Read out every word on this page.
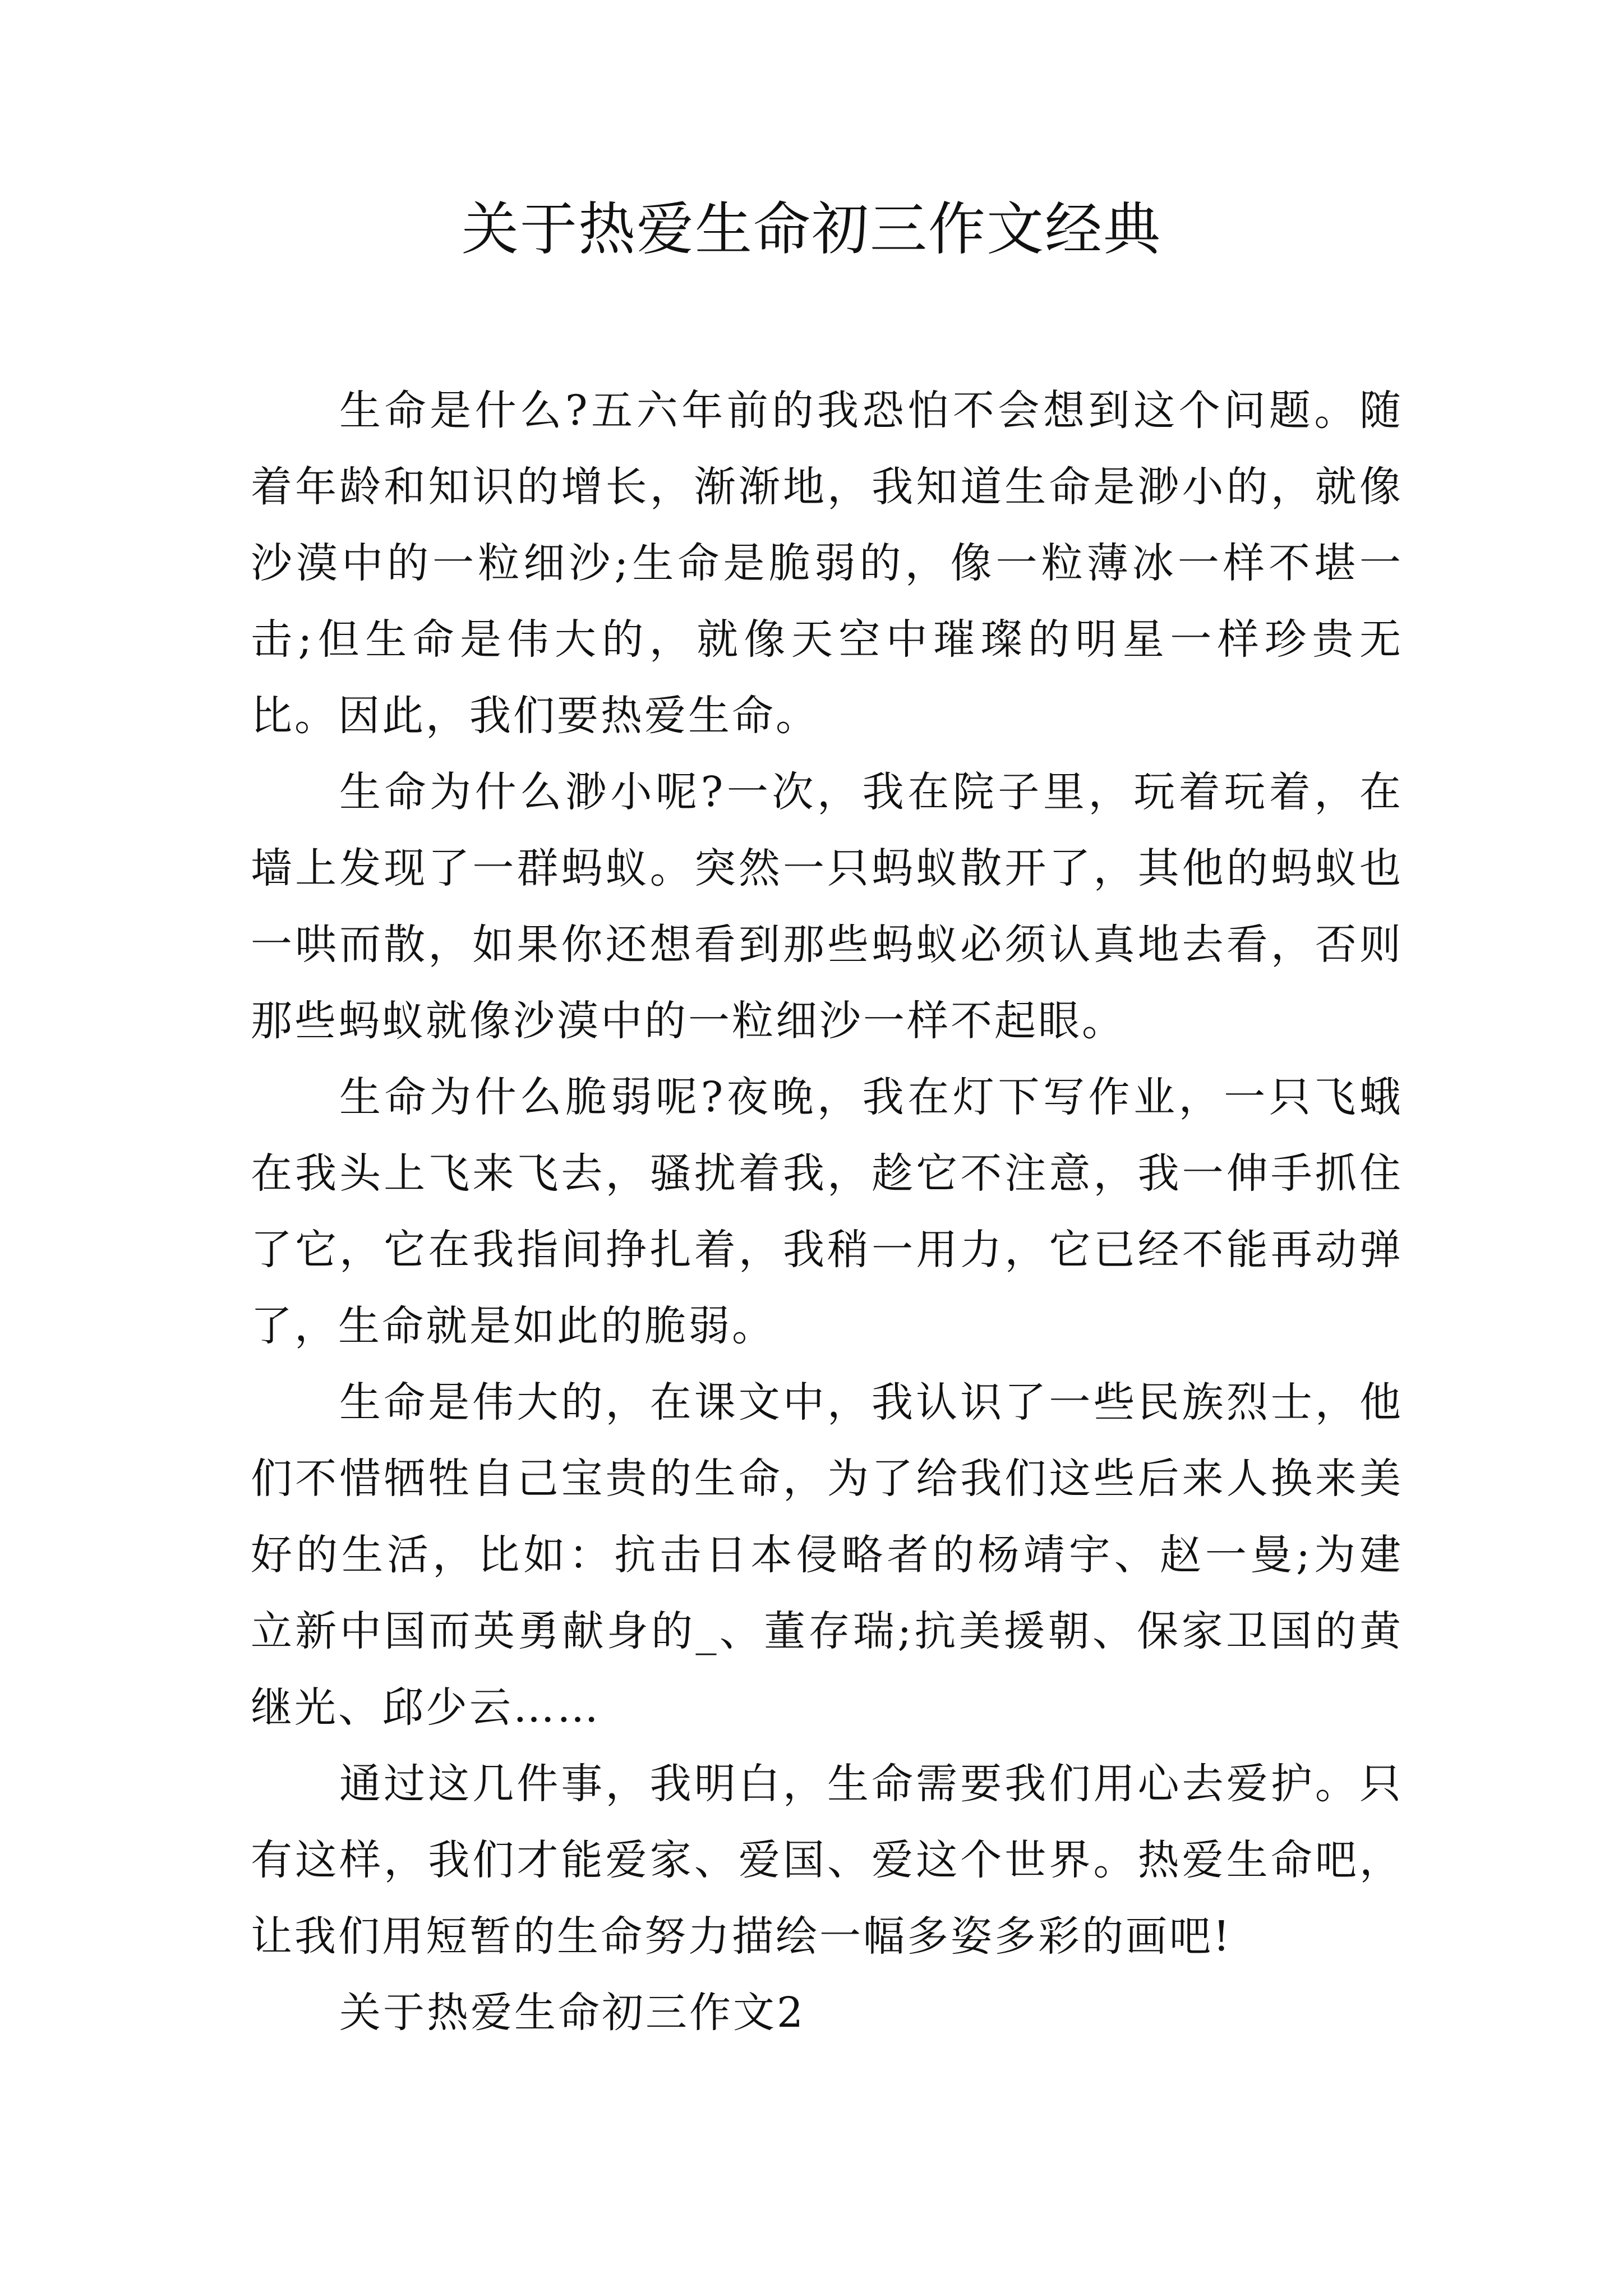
关于热爱生命初三作文经典

生命是什么?五六年前的我恐怕不会想到这个问题。随着年龄和知识的增长，渐渐地，我知道生命是渺小的，就像沙漠中的一粒细沙;生命是脆弱的，像一粒薄冰一样不堪一击;但生命是伟大的，就像天空中璀璨的明星一样珍贵无比。因此，我们要热爱生命。

生命为什么渺小呢?一次，我在院子里，玩着玩着，在墙上发现了一群蚂蚁。突然一只蚂蚁散开了，其他的蚂蚁也一哄而散，如果你还想看到那些蚂蚁必须认真地去看，否则那些蚂蚁就像沙漠中的一粒细沙一样不起眼。

生命为什么脆弱呢?夜晚，我在灯下写作业，一只飞蛾在我头上飞来飞去，骚扰着我，趁它不注意，我一伸手抓住了它，它在我指间挣扎着，我稍一用力，它已经不能再动弹了，生命就是如此的脆弱。

生命是伟大的，在课文中，我认识了一些民族烈士，他们不惜牺牲自己宝贵的生命，为了给我们这些后来人换来美好的生活，比如：抗击日本侵略者的杨靖宇、赵一曼;为建立新中国而英勇献身的_、董存瑞;抗美援朝、保家卫国的黄继光、邱少云……

通过这几件事，我明白，生命需要我们用心去爱护。只有这样，我们才能爱家、爱国、爱这个世界。热爱生命吧，让我们用短暂的生命努力描绘一幅多姿多彩的画吧!

关于热爱生命初三作文2
